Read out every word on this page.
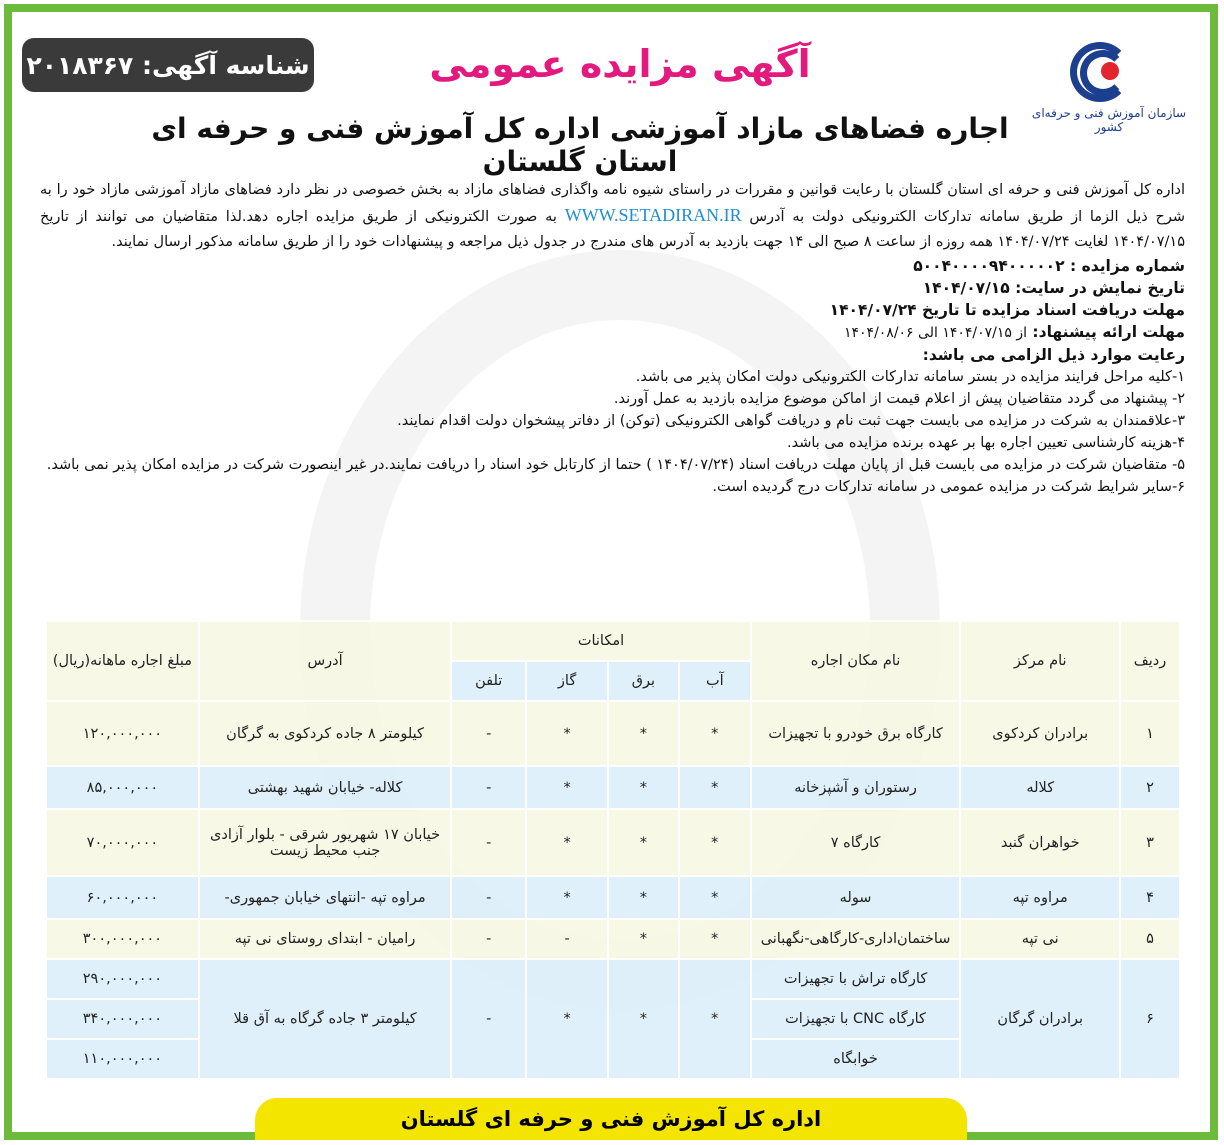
شناسه آگهی: ۲۰۱۸۳۶۷	آگهی مزایده عمومی
اجاره فضاهای مازاد آموزشی اداره کل آموزش فنی و حرفه ای استان گلستان
سازمان آموزش فنی و حرفه‌ای کشور

اداره کل آموزش فنی و حرفه ای استان گلستان با رعایت قوانین و مقررات در راستای شیوه نامه واگذاری فضاهای مازاد به بخش خصوصی در نظر دارد فضاهای مازاد آموزشی مازاد خود را به شرح ذیل الزما از طریق سامانه تدارکات الکترونیکی دولت به آدرس WWW.SETADIRAN.IR به صورت الکترونیکی از طریق مزایده اجاره دهد.لذا متقاضیان می توانند از تاریخ ۱۴۰۴/۰۷/۱۵ لغایت ۱۴۰۴/۰۷/۲۴ همه روزه از ساعت ۸ صبح الی ۱۴ جهت بازدید به آدرس های مندرج در جدول ذیل مراجعه و پیشنهادات خود را از طریق سامانه مذکور ارسال نمایند.

شماره مزایده : ۵۰۰۴۰۰۰۰۹۴۰۰۰۰۰۲
تاریخ نمایش در سایت: ۱۴۰۴/۰۷/۱۵
مهلت دریافت اسناد مزایده تا تاریخ ۱۴۰۴/۰۷/۲۴
مهلت ارائه پیشنهاد: از ۱۴۰۴/۰۷/۱۵ الی ۱۴۰۴/۰۸/۰۶
رعایت موارد ذیل الزامی می باشد:
۱-کلیه مراحل فرایند مزایده در بستر سامانه تدارکات الکترونیکی دولت امکان پذیر می باشد.
۲- پیشنهاد می گردد متقاضیان پیش از اعلام قیمت از اماکن موضوع مزایده بازدید به عمل آورند.
۳-علاقمندان به شرکت در مزایده می بایست جهت ثبت نام و دریافت گواهی الکترونیکی (توکن) از دفاتر پیشخوان دولت اقدام نمایند.
۴-هزینه کارشناسی تعیین اجاره بها بر عهده برنده مزایده می باشد.
۵- متقاضیان شرکت در مزایده می بایست قبل از پایان مهلت دریافت اسناد (۱۴۰۴/۰۷/۲۴ ) حتما از کارتابل خود اسناد را دریافت نمایند.در غیر اینصورت شرکت در مزایده امکان پذیر نمی باشد.
۶-سایر شرایط شرکت در مزایده عمومی در سامانه تدارکات درج گردیده است.
ردیف	نام مرکز	نام مکان اجاره	امکانات				آدرس	مبلغ اجاره ماهانه(ریال)
			آب	برق	گاز	تلفن		
۱	برادران کردکوی	کارگاه برق خودرو با تجهیزات	*	*	*	-	کیلومتر ۸ جاده کردکوی به گرگان	۱۲۰,۰۰۰,۰۰۰
۲	کلاله	رستوران و آشپزخانه	*	*	*	-	کلاله- خیابان شهید بهشتی	۸۵,۰۰۰,۰۰۰
۳	خواهران گنبد	کارگاه ۷	*	*	*	-	خیابان ۱۷ شهریور شرقی - بلوار آزادی جنب محیط زیست	۷۰,۰۰۰,۰۰۰
۴	مراوه تپه	سوله	*	*	*	-	مراوه تپه -انتهای خیابان جمهوری-	۶۰,۰۰۰,۰۰۰
۵	نی تپه	ساختمان‌اداری-کارگاهی-نگهبانی	*	*	-	-	رامیان - ابتدای روستای نی تپه	۳۰۰,۰۰۰,۰۰۰
۶	برادران گرگان	کارگاه تراش با تجهیزات	*	*	*	-	کیلومتر ۳ جاده گرگاه به آق قلا	۲۹۰,۰۰۰,۰۰۰
		کارگاه CNC با تجهیزات						۳۴۰,۰۰۰,۰۰۰
		خوابگاه						۱۱۰,۰۰۰,۰۰۰
اداره کل آموزش فنی و حرفه ای گلستان
